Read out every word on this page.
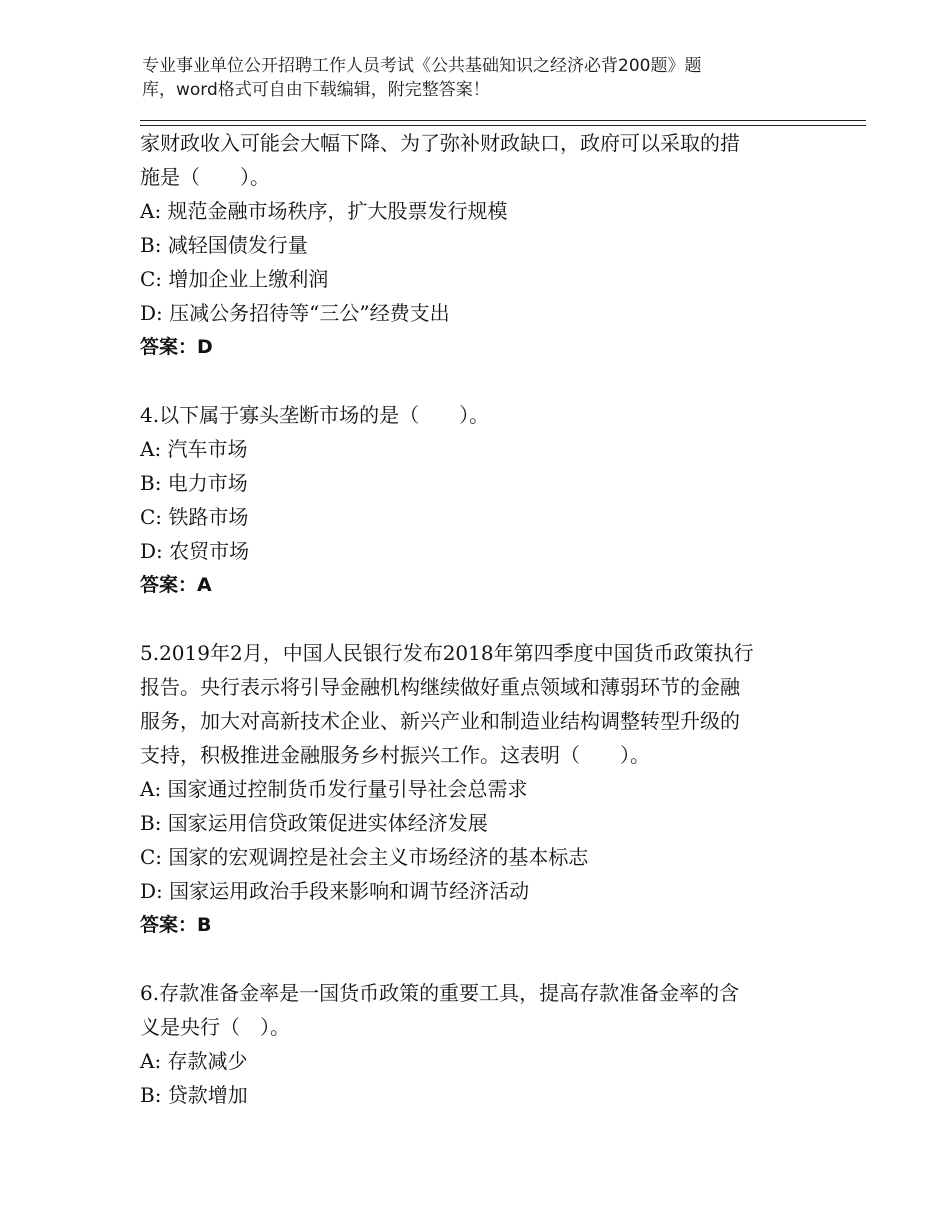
专业事业单位公开招聘工作人员考试《公共基础知识之经济必背200题》题
库，word格式可自由下载编辑，附完整答案！
家财政收入可能会大幅下降、为了弥补财政缺口，政府可以采取的措
施是（　　）。
A: 规范金融市场秩序，扩大股票发行规模
B: 减轻国债发行量
C: 增加企业上缴利润
D: 压减公务招待等“三公”经费支出
答案：D
4.以下属于寡头垄断市场的是（　　）。
A: 汽车市场
B: 电力市场
C: 铁路市场
D: 农贸市场
答案：A
5.2019年2月，中国人民银行发布2018年第四季度中国货币政策执行
报告。央行表示将引导金融机构继续做好重点领域和薄弱环节的金融
服务，加大对高新技术企业、新兴产业和制造业结构调整转型升级的
支持，积极推进金融服务乡村振兴工作。这表明（　　）。
A: 国家通过控制货币发行量引导社会总需求
B: 国家运用信贷政策促进实体经济发展
C: 国家的宏观调控是社会主义市场经济的基本标志
D: 国家运用政治手段来影响和调节经济活动
答案：B
6.存款准备金率是一国货币政策的重要工具，提高存款准备金率的含
义是央行（　）。
A: 存款减少
B: 贷款增加
